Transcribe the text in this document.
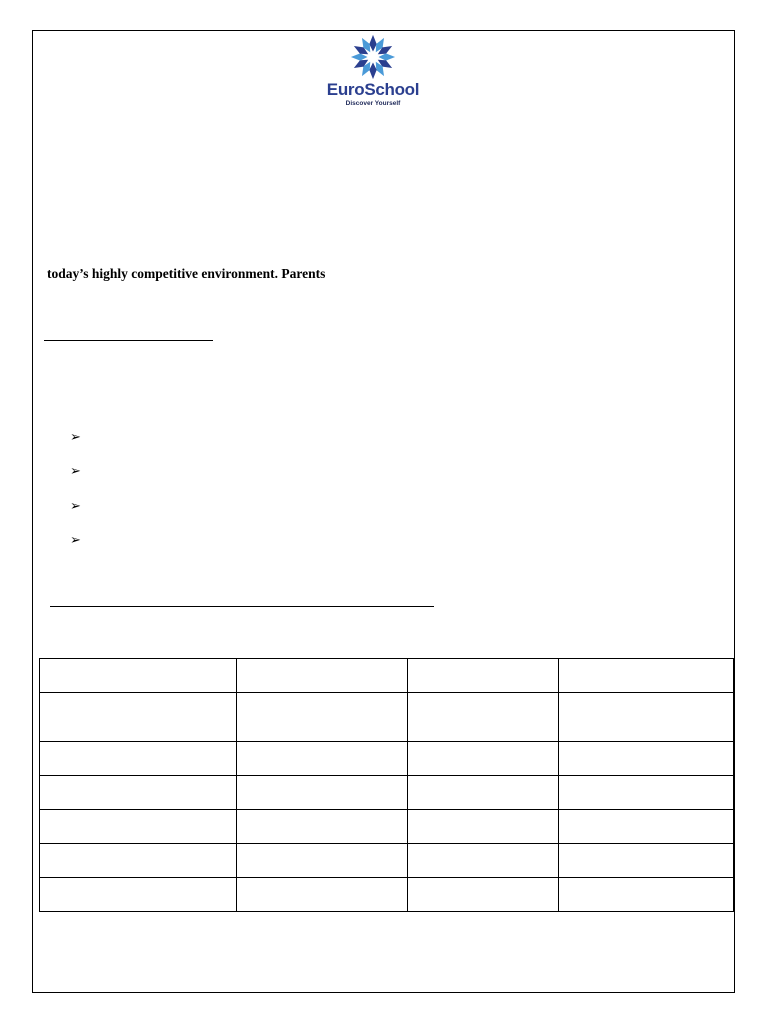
EuroSchool
Discover Yourself
today’s highly competitive environment. Parents
➢
➢
➢
➢
